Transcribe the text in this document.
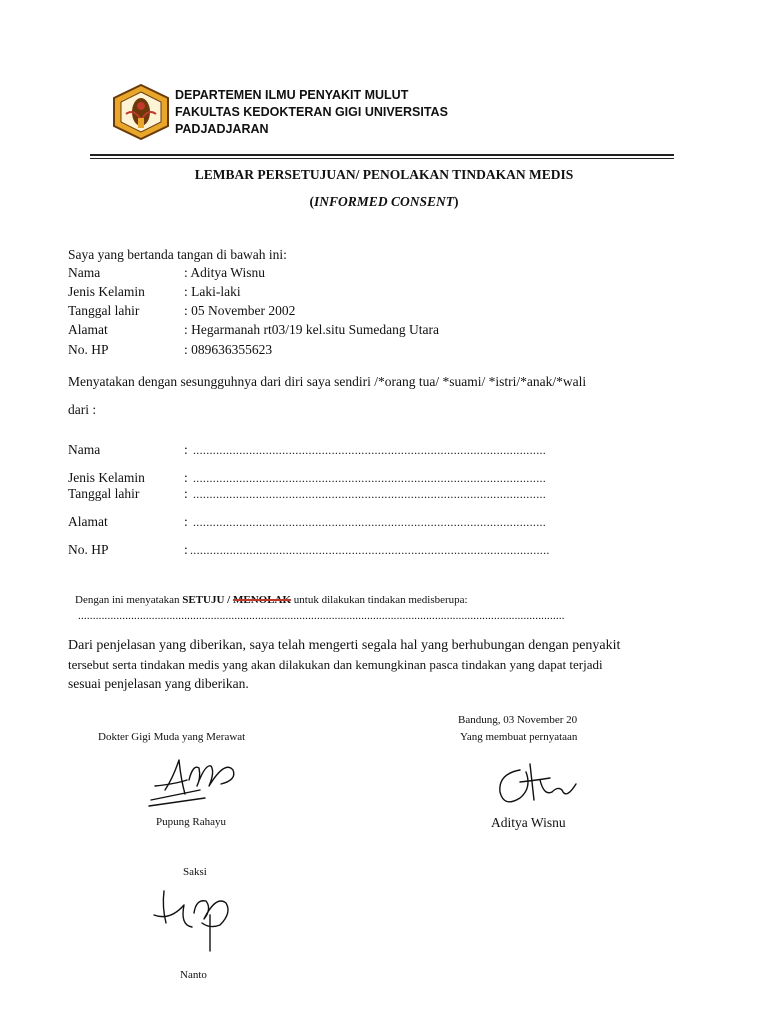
DEPARTEMEN ILMU PENYAKIT MULUT
FAKULTAS KEDOKTERAN GIGI UNIVERSITAS
PADJADJARAN
LEMBAR PERSETUJUAN/ PENOLAKAN TINDAKAN MEDIS
(INFORMED CONSENT)
Saya yang bertanda tangan di bawah ini:
Nama	: Aditya Wisnu
Jenis Kelamin	: Laki-laki
Tanggal lahir	: 05 November 2002
Alamat	: Hegarmanah rt03/19 kel.situ Sumedang Utara
No. HP	: 089636355623
Menyatakan dengan sesungguhnya dari diri saya sendiri /*orang tua/ *suami/ *istri/*anak/*wali
dari :
Nama	: ...........................................................................................................
Jenis Kelamin	: ...........................................................................................................
Tanggal lahir	: ...........................................................................................................
Alamat	: ...........................................................................................................
No. HP	: .............................................................................................................
Dengan ini menyatakan SETUJU / MENOLAK untuk dilakukan tindakan medisberupa:
.....................................................................................................................................................................
Dari penjelasan yang diberikan, saya telah mengerti segala hal yang berhubungan dengan penyakit
tersebut serta tindakan medis yang akan dilakukan dan kemungkinan pasca tindakan yang dapat terjadi
sesuai penjelasan yang diberikan.
Bandung, 03 November 20
Dokter Gigi Muda yang Merawat	Yang membuat pernyataan
Pupung Rahayu	Aditya Wisnu
Saksi
Nanto
